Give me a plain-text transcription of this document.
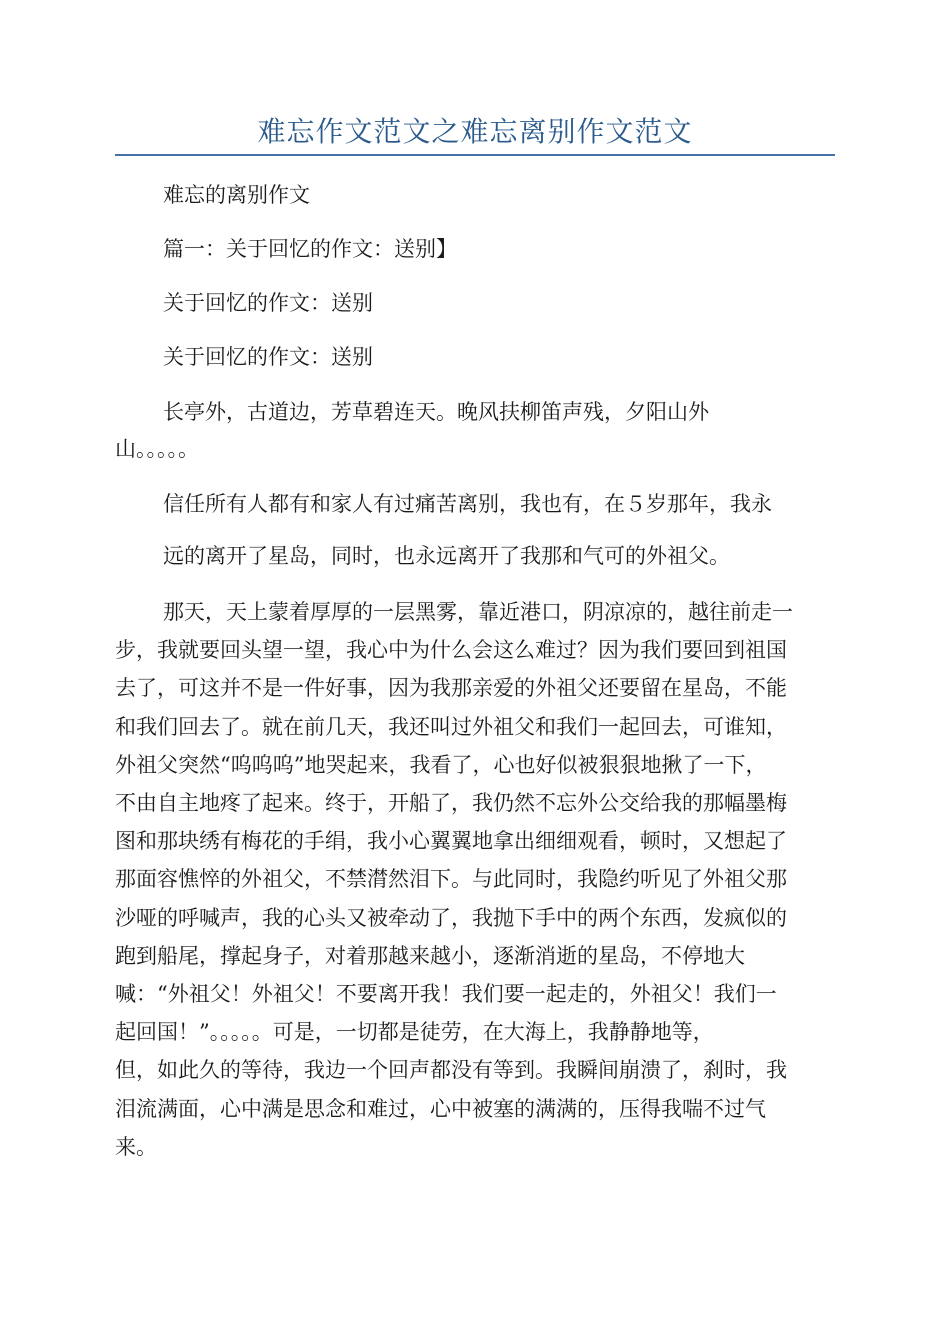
难忘作文范文之难忘离别作文范文
难忘的离别作文
篇一：关于回忆的作文：送别】
关于回忆的作文：送别
关于回忆的作文：送别
长亭外，古道边，芳草碧连天。晚风扶柳笛声残，夕阳山外
山。。。。。
信任所有人都有和家人有过痛苦离别，我也有，在５岁那年，我永
远的离开了星岛，同时，也永远离开了我那和气可的外祖父。
那天，天上蒙着厚厚的一层黑雾，靠近港口，阴凉凉的，越往前走一
步，我就要回头望一望，我心中为什么会这么难过？因为我们要回到祖国
去了，可这并不是一件好事，因为我那亲爱的外祖父还要留在星岛，不能
和我们回去了。就在前几天，我还叫过外祖父和我们一起回去，可谁知，
外祖父突然“呜呜呜”地哭起来，我看了，心也好似被狠狠地揪了一下，
不由自主地疼了起来。终于，开船了，我仍然不忘外公交给我的那幅墨梅
图和那块绣有梅花的手绢，我小心翼翼地拿出细细观看，顿时，又想起了
那面容憔悴的外祖父，不禁潸然泪下。与此同时，我隐约听见了外祖父那
沙哑的呼喊声，我的心头又被牵动了，我抛下手中的两个东西，发疯似的
跑到船尾，撑起身子，对着那越来越小，逐渐消逝的星岛，不停地大
喊：“外祖父！外祖父！不要离开我！我们要一起走的，外祖父！我们一
起回国！”。。。。。可是，一切都是徒劳，在大海上，我静静地等，
但，如此久的等待，我边一个回声都没有等到。我瞬间崩溃了，刹时，我
泪流满面，心中满是思念和难过，心中被塞的满满的，压得我喘不过气
来。
